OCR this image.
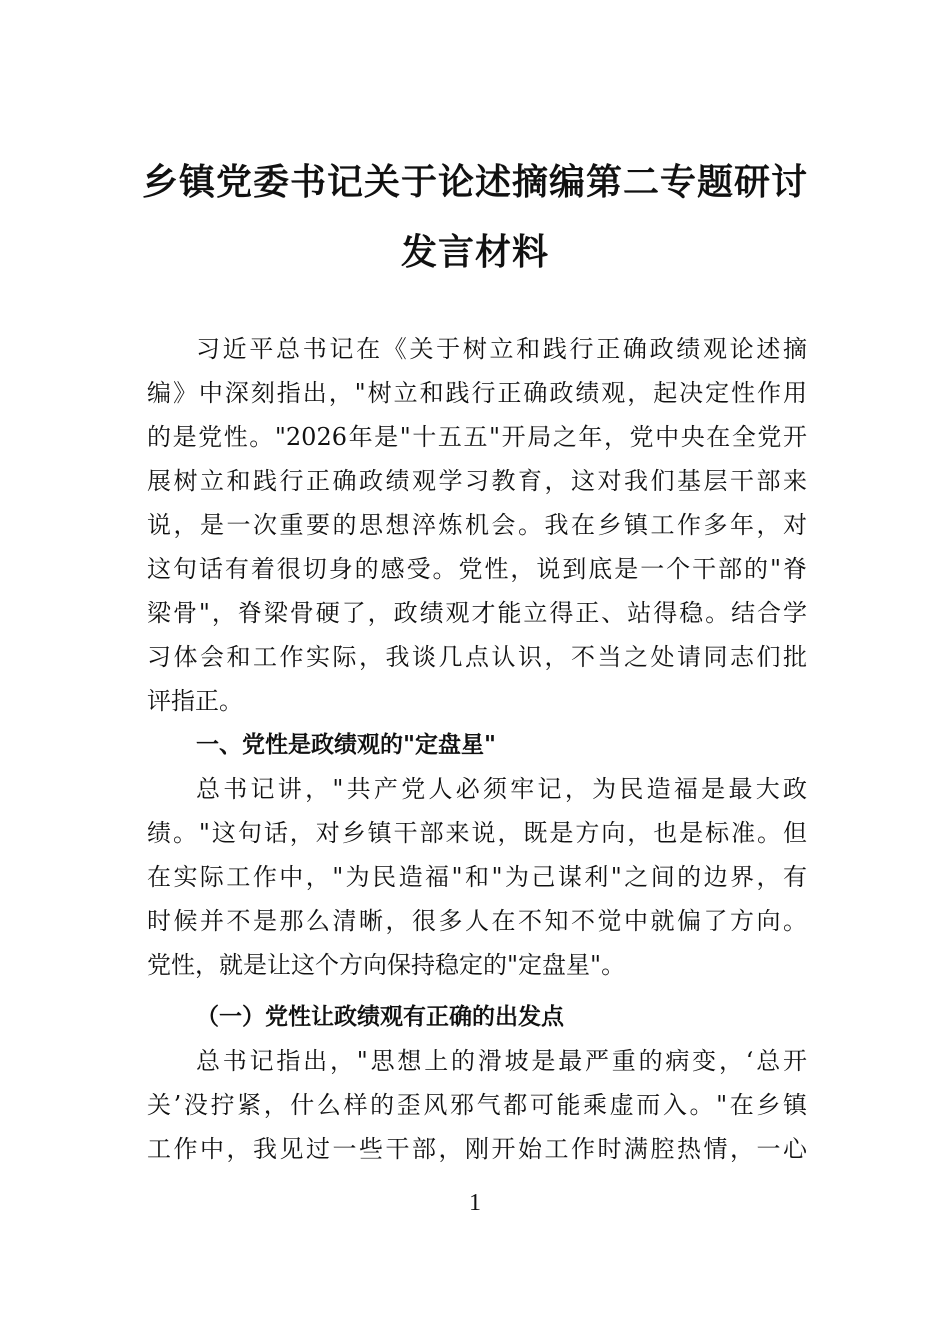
乡镇党委书记关于论述摘编第二专题研讨
发言材料
习近平总书记在《关于树立和践行正确政绩观论述摘
编》中深刻指出，"树立和践行正确政绩观，起决定性作用
的是党性。"2026年是"十五五"开局之年，党中央在全党开
展树立和践行正确政绩观学习教育，这对我们基层干部来
说，是一次重要的思想淬炼机会。我在乡镇工作多年，对
这句话有着很切身的感受。党性，说到底是一个干部的"脊
梁骨"，脊梁骨硬了，政绩观才能立得正、站得稳。结合学
习体会和工作实际，我谈几点认识，不当之处请同志们批
评指正。
一、党性是政绩观的"定盘星"
总书记讲，"共产党人必须牢记，为民造福是最大政
绩。"这句话，对乡镇干部来说，既是方向，也是标准。但
在实际工作中，"为民造福"和"为己谋利"之间的边界，有
时候并不是那么清晰，很多人在不知不觉中就偏了方向。
党性，就是让这个方向保持稳定的"定盘星"。
（一）党性让政绩观有正确的出发点
总书记指出，"思想上的滑坡是最严重的病变，‘总开
关’没拧紧，什么样的歪风邪气都可能乘虚而入。"在乡镇
工作中，我见过一些干部，刚开始工作时满腔热情，一心
1
